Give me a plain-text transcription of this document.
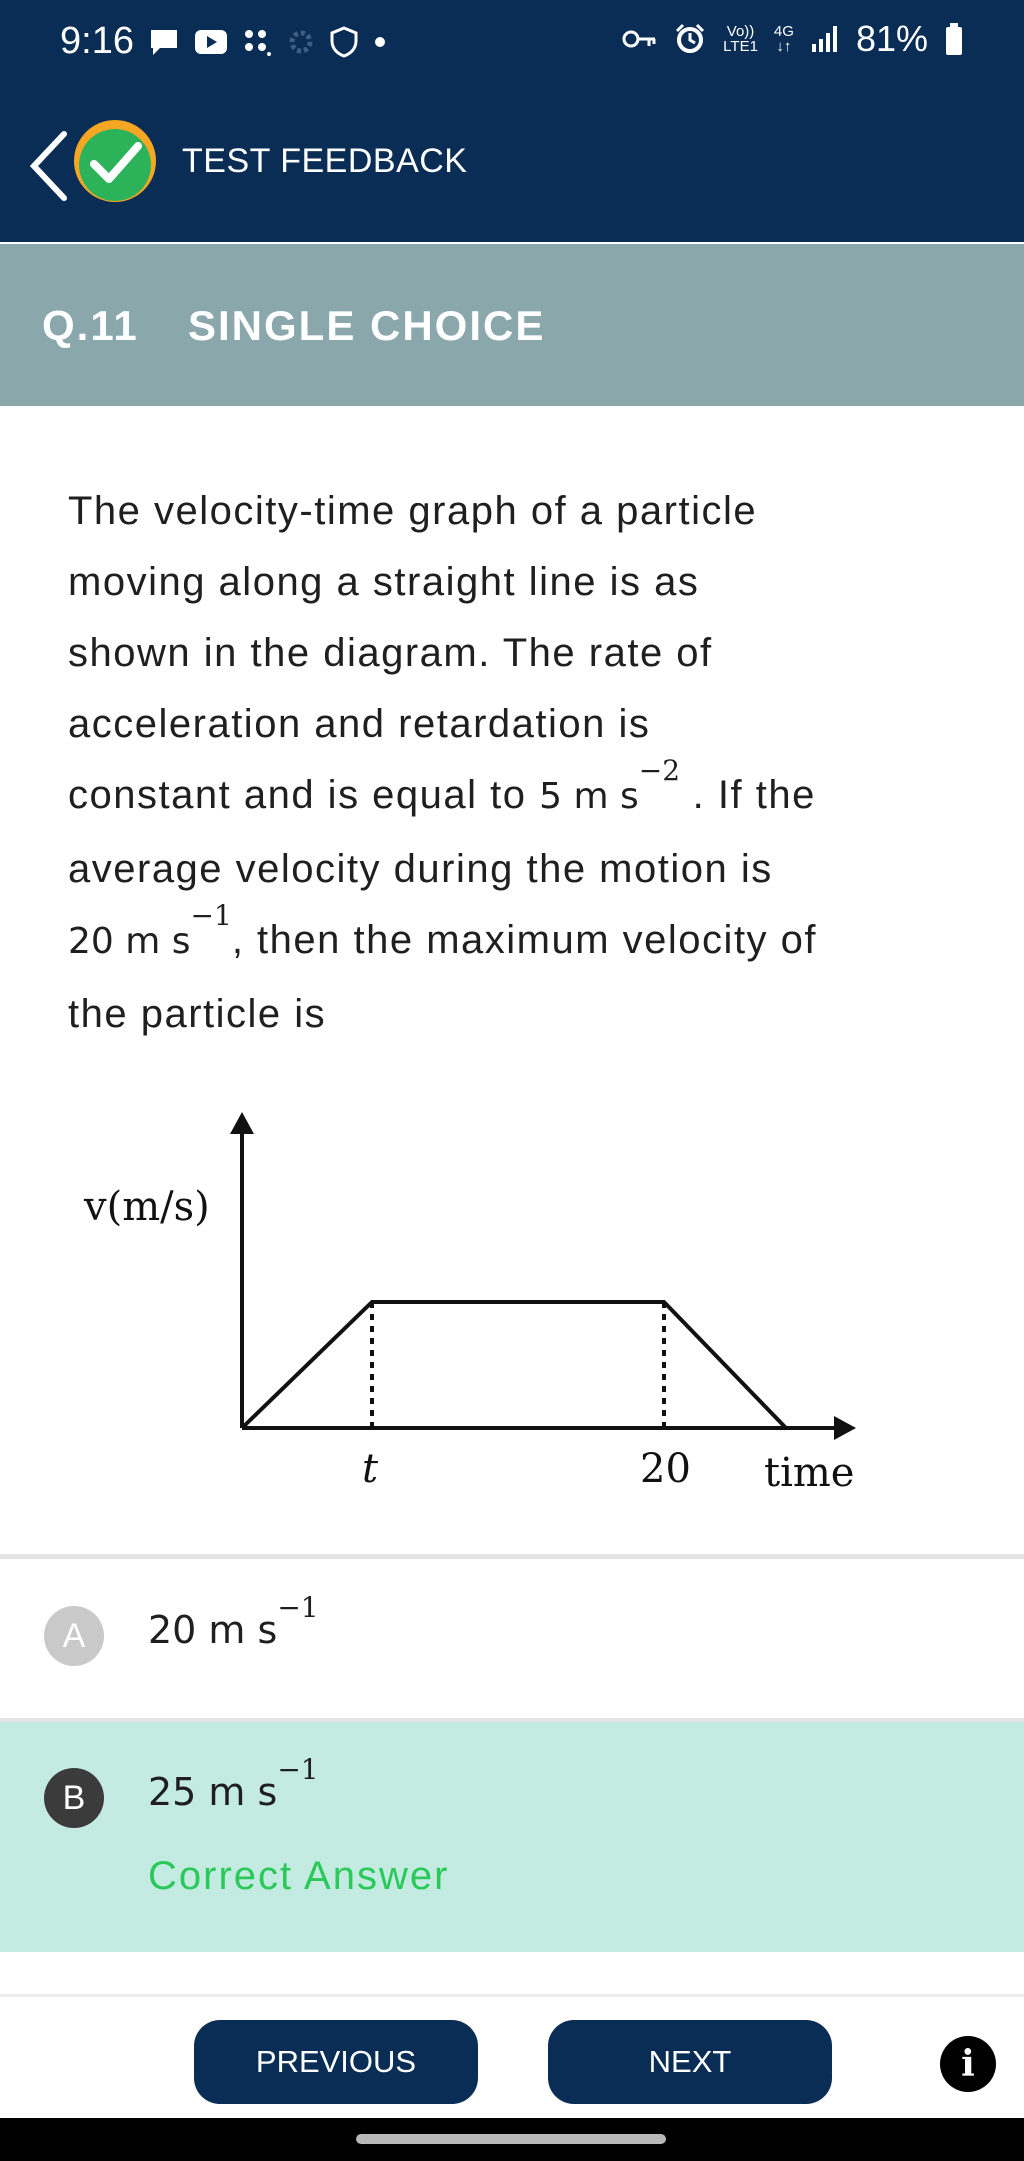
9:16	Vo))
LTE1
4G
↓↑ 81%
TEST FEEDBACK
Q.11 SINGLE CHOICE
The velocity-time graph of a particle
moving along a straight line is as
shown in the diagram. The rate of
acceleration and retardation is
constant and is equal to 5 m $s^{-2}$ . If the
average velocity during the motion is
20 m $s^{-1}$, then the maximum velocity of
the particle is
v(m/s)
t	20 time
A	20 m $s^{-1}$
B	25 m $s^{-1}$
Correct Answer
PREVIOUS	NEXT	i
